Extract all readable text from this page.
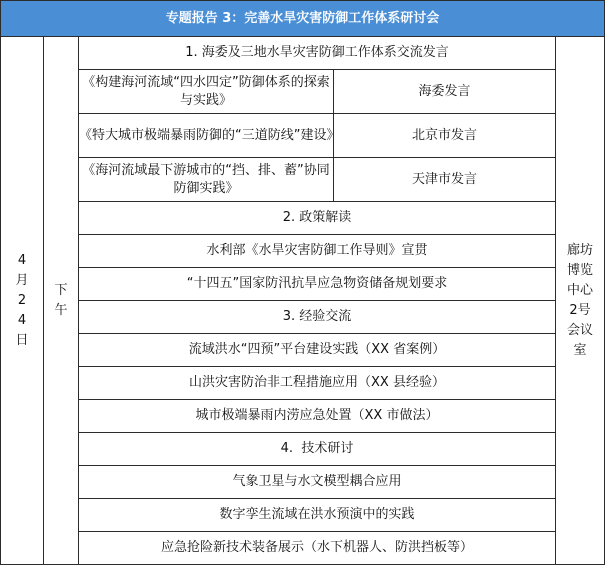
专题报告 3：完善水旱灾害防御工作体系研讨会				
4
月
24
日	下午	1. 海委及三地水旱灾害防御工作体系交流发言		廊坊博览中心2号会议室
		《构建海河流域“四水四定”防御体系的探索与实践》	海委发言	
		《特大城市极端暴雨防御的“三道防线”建设》	北京市发言	
		《海河流域最下游城市的“挡、排、蓄”协同防御实践》	天津市发言	
		2. 政策解读		
		水利部《水旱灾害防御工作导则》宣贯		
		“十四五”国家防汛抗旱应急物资储备规划要求		
		3. 经验交流		
		流域洪水“四预”平台建设实践（XX 省案例）		
		山洪灾害防治非工程措施应用（XX 县经验）		
		城市极端暴雨内涝应急处置（XX 市做法）		
		4.  技术研讨		
		气象卫星与水文模型耦合应用		
		数字孪生流域在洪水预演中的实践		
		应急抢险新技术装备展示（水下机器人、防洪挡板等）		
